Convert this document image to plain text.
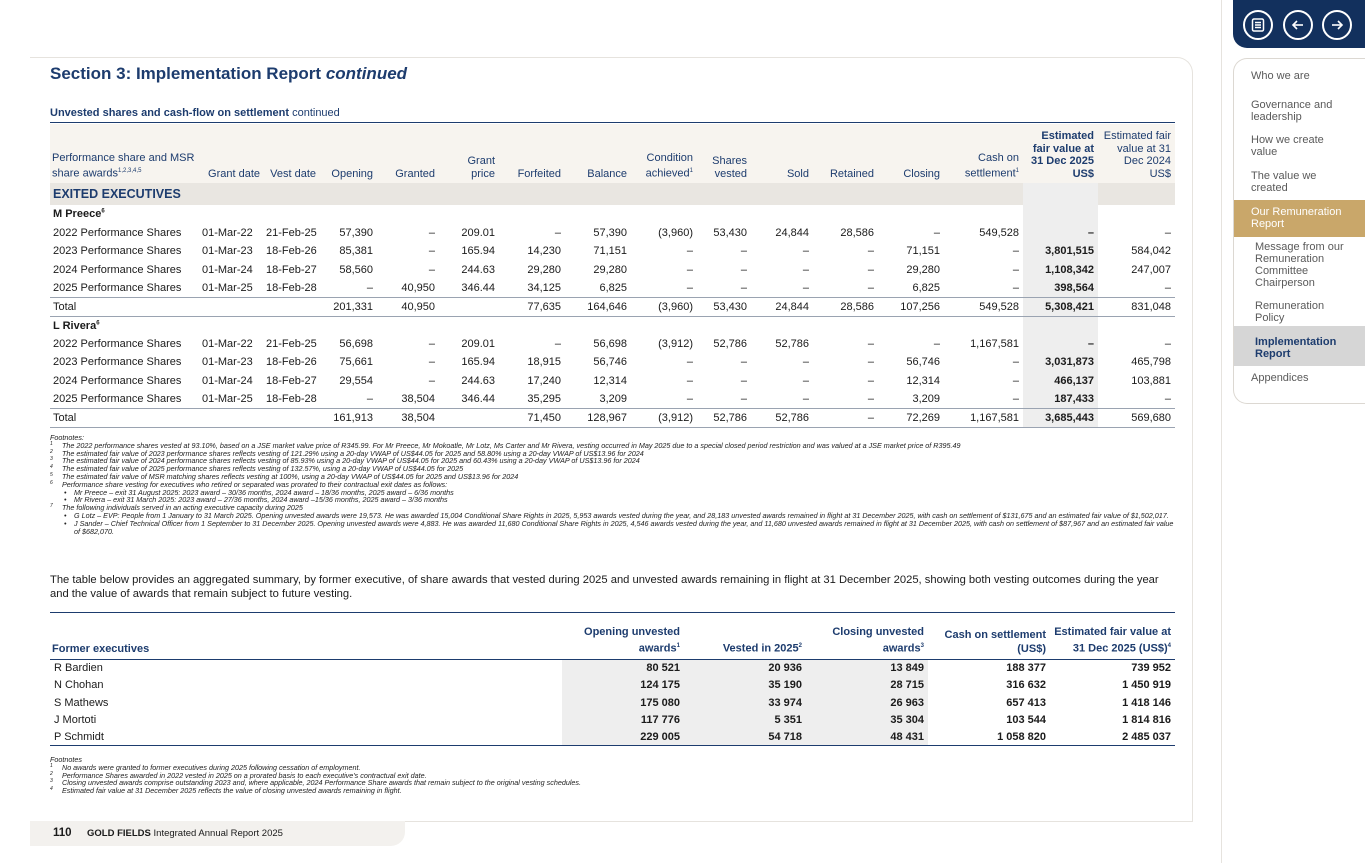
Section 3: Implementation Report continued
Unvested shares and cash-flow on settlement continued
Performance share and MSR share awards$^{1,2,3,4,5}$	Grant date	Vest date	Opening	Granted	Grant price	Forfeited	Balance	Condition achieved$^1$	Shares vested	Sold	Retained	Closing	Cash on settlement$^1$	Estimated fair value at 31 Dec 2025 US$	Estimated fair value at 31 Dec 2024 US$
EXITED EXECUTIVES															
M Preece$^6$		
2022 Performance Shares	01-Mar-22	21-Feb-25	57,390	–	209.01	–	57,390	(3,960)	53,430	24,844	28,586	–	549,528	–	–
2023 Performance Shares	01-Mar-23	18-Feb-26	85,381	–	165.94	14,230	71,151	–	–	–	–	71,151	–	3,801,515	584,042
2024 Performance Shares	01-Mar-24	18-Feb-27	58,560	–	244.63	29,280	29,280	–	–	–	–	29,280	–	1,108,342	247,007
2025 Performance Shares	01-Mar-25	18-Feb-28	–	40,950	346.44	34,125	6,825	–	–	–	–	6,825	–	398,564	–
Total			201,331	40,950		77,635	164,646	(3,960)	53,430	24,844	28,586	107,256	549,528	5,308,421	831,048
L Rivera$^6$		
2022 Performance Shares	01-Mar-22	21-Feb-25	56,698	–	209.01	–	56,698	(3,912)	52,786	52,786	–	–	1,167,581	–	–
2023 Performance Shares	01-Mar-23	18-Feb-26	75,661	–	165.94	18,915	56,746	–	–	–	–	56,746	–	3,031,873	465,798
2024 Performance Shares	01-Mar-24	18-Feb-27	29,554	–	244.63	17,240	12,314	–	–	–	–	12,314	–	466,137	103,881
2025 Performance Shares	01-Mar-25	18-Feb-28	–	38,504	346.44	35,295	3,209	–	–	–	–	3,209	–	187,433	–
Total			161,913	38,504		71,450	128,967	(3,912)	52,786	52,786	–	72,269	1,167,581	3,685,443	569,680
Footnotes:
1 The 2022 performance shares vested at 93.10%, based on a JSE market value price of R345.99. For Mr Preece, Mr Mokoatle, Mr Lotz, Ms Carter and Mr Rivera, vesting occurred in May 2025 due to a special closed period restriction and was valued at a JSE market price of R395.49
2 The estimated fair value of 2023 performance shares reflects vesting of 121.29% using a 20-day VWAP of US$44.05 for 2025 and 58.80% using a 20-day VWAP of US$13.96 for 2024
3 The estimated fair value of 2024 performance shares reflects vesting of 85.93% using a 20-day VWAP of US$44.05 for 2025 and 60.43% using a 20-day VWAP of US$13.96 for 2024
4 The estimated fair value of 2025 performance shares reflects vesting of 132.57%, using a 20-day VWAP of US$44.05 for 2025
5 The estimated fair value of MSR matching shares reflects vesting at 100%, using a 20-day VWAP of US$44.05 for 2025 and US$13.96 for 2024
6 Performance share vesting for executives who retired or separated was prorated to their contractual exit dates as follows:
• Mr Preece – exit 31 August 2025: 2023 award – 30/36 months, 2024 award – 18/36 months, 2025 award – 6/36 months
• Mr Rivera – exit 31 March 2025: 2023 award – 27/36 months, 2024 award –15/36 months, 2025 award – 3/36 months
7 The following individuals served in an acting executive capacity during 2025
• G Lotz – EVP: People from 1 January to 31 March 2025. Opening unvested awards were 19,573. He was awarded 15,004 Conditional Share Rights in 2025, 5,953 awards vested during the year, and 28,183 unvested awards remained in flight at 31 December 2025, with cash on settlement of $131,675 and an estimated fair value of $1,502,017.
• J Sander – Chief Technical Officer from 1 September to 31 December 2025. Opening unvested awards were 4,883. He was awarded 11,680 Conditional Share Rights in 2025, 4,546 awards vested during the year, and 11,680 unvested awards remained in flight at 31 December 2025, with cash on settlement of $87,967 and an estimated fair value of $682,070.

The table below provides an aggregated summary, by former executive, of share awards that vested during 2025 and unvested awards remaining in flight at 31 December 2025, showing both vesting outcomes during the year and the value of awards that remain subject to future vesting.

Former executives	Opening unvested awards$^1$	Vested in 2025$^2$	Closing unvested awards$^3$	Cash on settlement (US$)	Estimated fair value at 31 Dec 2025 (US$)$^4$
R Bardien	80 521	20 936	13 849	188 377	739 952
N Chohan	124 175	35 190	28 715	316 632	1 450 919
S Mathews	175 080	33 974	26 963	657 413	1 418 146
J Mortoti	117 776	5 351	35 304	103 544	1 814 816
P Schmidt	229 005	54 718	48 431	1 058 820	2 485 037
Footnotes
1 No awards were granted to former executives during 2025 following cessation of employment.
2 Performance Shares awarded in 2022 vested in 2025 on a prorated basis to each executive's contractual exit date.
3 Closing unvested awards comprise outstanding 2023 and, where applicable, 2024 Performance Share awards that remain subject to the original vesting schedules.
4 Estimated fair value at 31 December 2025 reflects the value of closing unvested awards remaining in flight.
110 GOLD FIELDS Integrated Annual Report 2025
Who we are
Governance and leadership
How we create value
The value we created
Our Remuneration Report
Message from our Remuneration Committee Chairperson
Remuneration Policy
Implementation Report
Appendices
